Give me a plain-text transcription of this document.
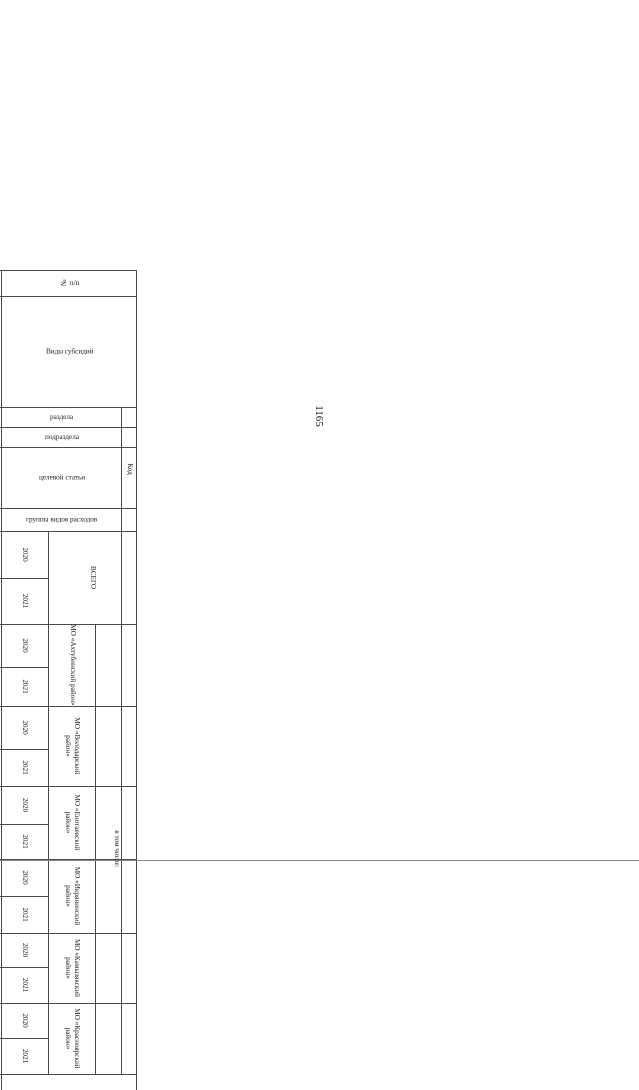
1165
№ п/п
Виды субсидий
Код
раздела
подраздела
целевой статьи
группы видов расходов
ВСЕГО
в том числе:
МО «Ахтубинский район»
МО «Володарский район»
МО «Енотаевский район»
МО «Икрянинский район»
МО «Камызякский район»
МО «Красноярский район»
2020
2021
2020
2021
2020
2021
2020
2021
2020
2021
2020
2021
2020
2021
